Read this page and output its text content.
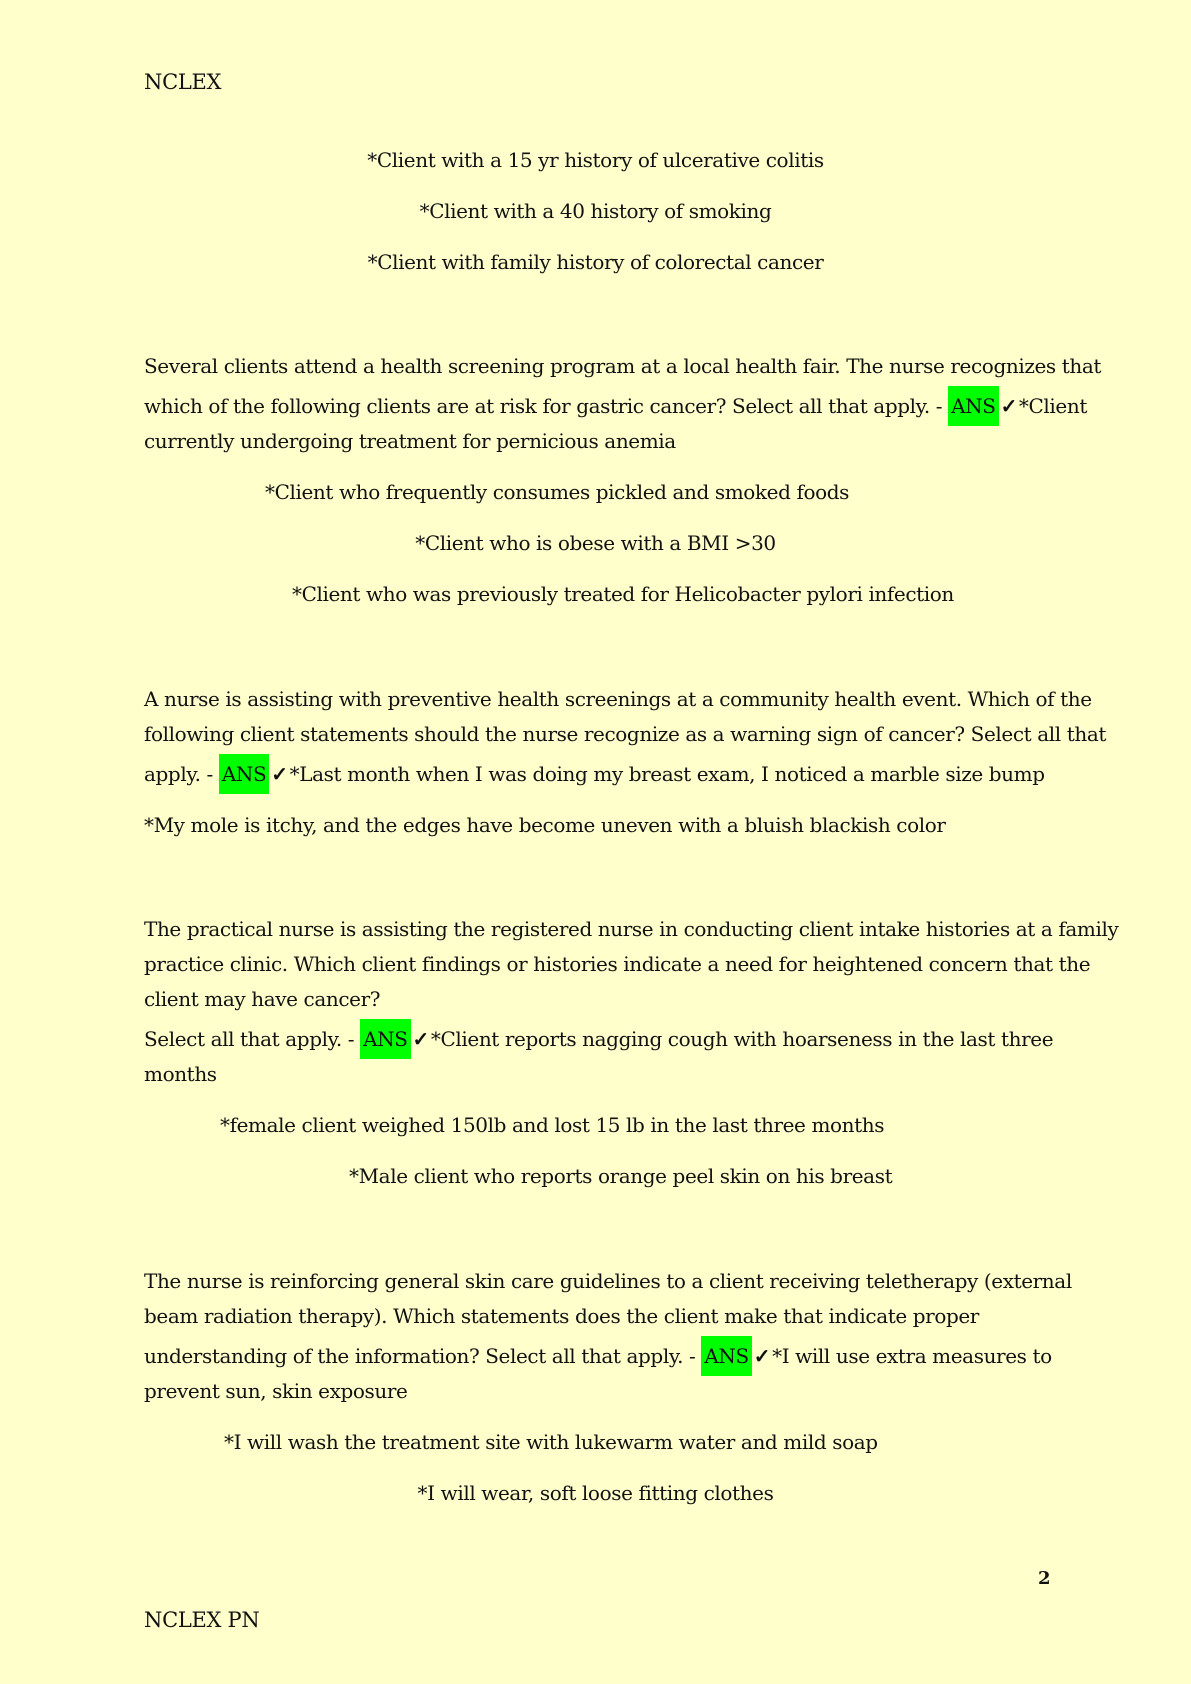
NCLEX
*Client with a 15 yr history of ulcerative colitis
*Client with a 40 history of smoking
*Client with family history of colorectal cancer
Several clients attend a health screening program at a local health fair. The nurse recognizes that
which of the following clients are at risk for gastric cancer? Select all that apply. - ANS ✓ *Client
currently undergoing treatment for pernicious anemia
*Client who frequently consumes pickled and smoked foods
*Client who is obese with a BMI >30
*Client who was previously treated for Helicobacter pylori infection
A nurse is assisting with preventive health screenings at a community health event. Which of the
following client statements should the nurse recognize as a warning sign of cancer? Select all that
apply. - ANS ✓ *Last month when I was doing my breast exam, I noticed a marble size bump
*My mole is itchy, and the edges have become uneven with a bluish blackish color
The practical nurse is assisting the registered nurse in conducting client intake histories at a family
practice clinic. Which client findings or histories indicate a need for heightened concern that the
client may have cancer?
Select all that apply. - ANS ✓ *Client reports nagging cough with hoarseness in the last three
months
*female client weighed 150lb and lost 15 lb in the last three months
*Male client who reports orange peel skin on his breast
The nurse is reinforcing general skin care guidelines to a client receiving teletherapy (external
beam radiation therapy). Which statements does the client make that indicate proper
understanding of the information? Select all that apply. - ANS ✓ *I will use extra measures to
prevent sun, skin exposure
*I will wash the treatment site with lukewarm water and mild soap
*I will wear, soft loose fitting clothes
2
NCLEX PN
